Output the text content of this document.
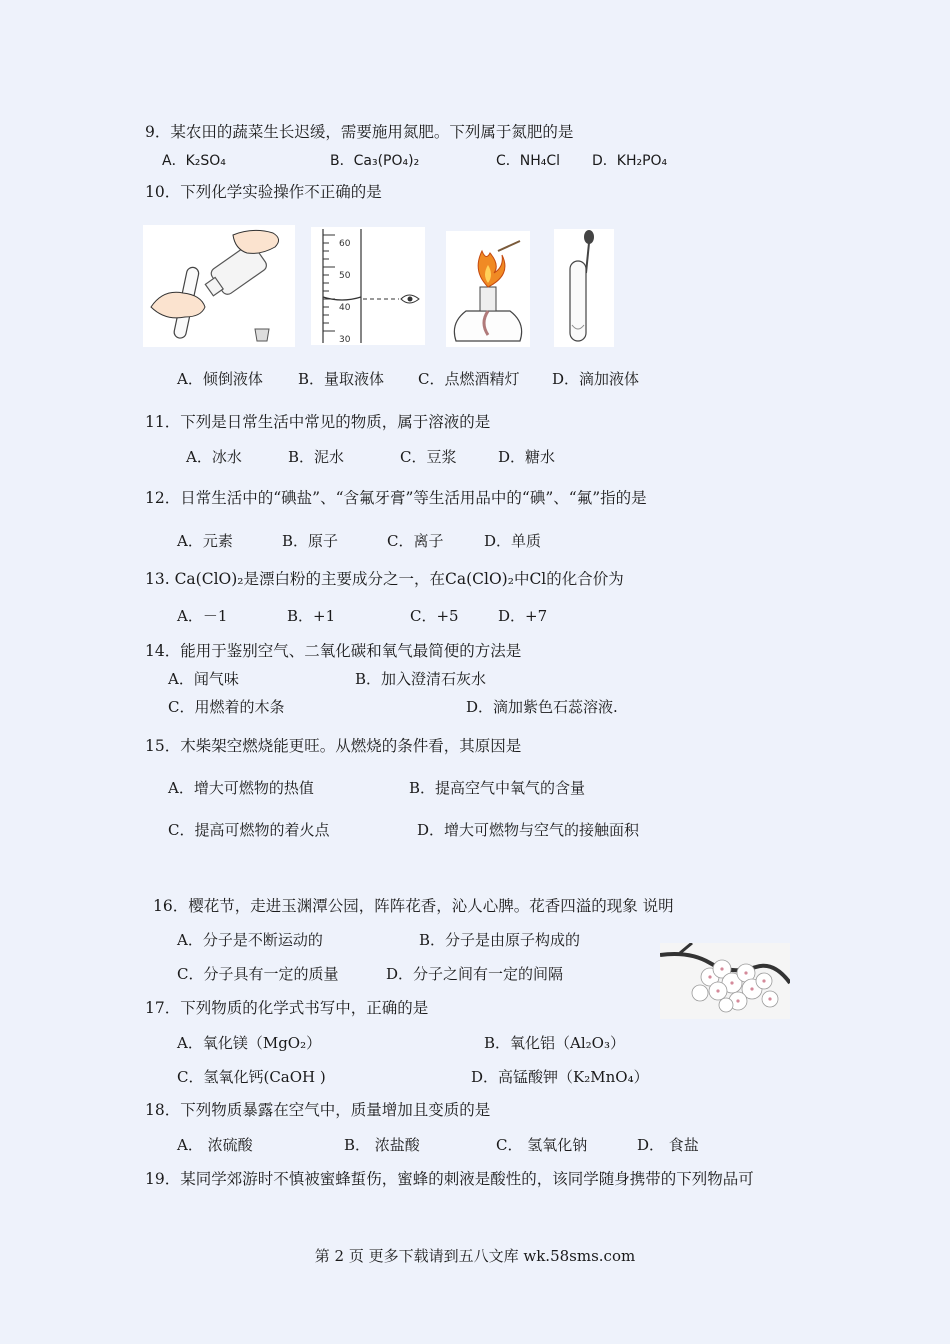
9．某农田的蔬菜生长迟缓，需要施用氮肥。下列属于氮肥的是
A．K₂SO₄	B．Ca₃(PO₄)₂	C．NH₄Cl D．KH₂PO₄
10．下列化学实验操作不正确的是
60
50
40
30
A．倾倒液体 B．量取液体 C．点燃酒精灯 D．滴加液体
11．下列是日常生活中常见的物质，属于溶液的是
A．冰水	B．泥水	C．豆浆	D．糖水
12．日常生活中的“碘盐”、“含氟牙膏”等生活用品中的“碘”、“氟”指的是
A．元素	B．原子	C．离子	D．单质
13. Ca(ClO)₂是漂白粉的主要成分之一，在Ca(ClO)₂中Cl的化合价为
A．－1	B．+1	C．+5	D．+7
14．能用于鉴别空气、二氧化碳和氧气最简便的方法是
A．闻气味	B．加入澄清石灰水
C．用燃着的木条	D．滴加紫色石蕊溶液.
15．木柴架空燃烧能更旺。从燃烧的条件看，其原因是
A．增大可燃物的热值	B．提高空气中氧气的含量
C．提高可燃物的着火点	D．增大可燃物与空气的接触面积
16．樱花节，走进玉渊潭公园，阵阵花香，沁人心脾。花香四溢的现象 说明
A．分子是不断运动的	B．分子是由原子构成的
C．分子具有一定的质量	D．分子之间有一定的间隔
17．下列物质的化学式书写中，正确的是
A．氧化镁（MgO₂）	B．氧化铝（Al₂O₃）
C．氢氧化钙(CaOH )	D．高锰酸钾（K₂MnO₄）
18．下列物质暴露在空气中，质量增加且变质的是
A． 浓硫酸	B． 浓盐酸	C． 氢氧化钠	D． 食盐
19．某同学郊游时不慎被蜜蜂蜇伤，蜜蜂的刺液是酸性的，该同学随身携带的下列物品可
第 2 页 更多下载请到五八文库 wk.58sms.com
